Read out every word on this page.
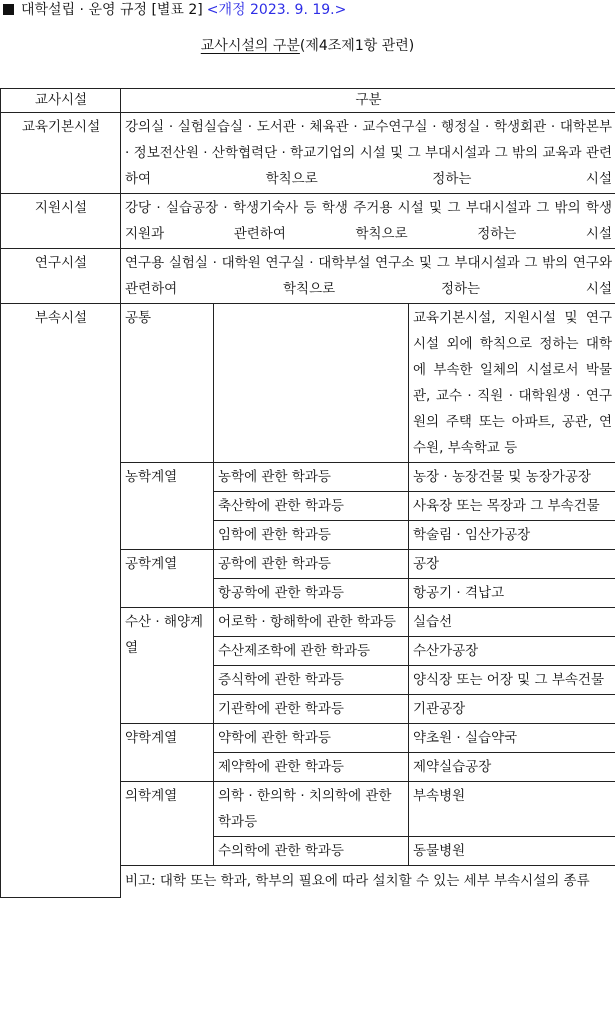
대학설립 · 운영 규정 [별표 2] <개정 2023. 9. 19.>
교사시설의 구분(제4조제1항 관련)
교사시설	구분		
교육기본시설	강의실 · 실험실습실 · 도서관 · 체육관 · 교수연구실 · 행정실 · 학생회관 · 대학본부 · 정보전산원 · 산학협력단 · 학교기업의 시설 및 그 부대시설과 그 밖의 교육과 관련하여 학칙으로 정하는 시설		
지원시설	강당 · 실습공장 · 학생기숙사 등 학생 주거용 시설 및 그 부대시설과 그 밖의 학생 지원과 관련하여 학칙으로 정하는 시설		
연구시설	연구용 실험실 · 대학원 연구실 · 대학부설 연구소 및 그 부대시설과 그 밖의 연구와 관련하여 학칙으로 정하는 시설		
부속시설	공통		교육기본시설, 지원시설 및 연구시설 외에 학칙으로 정하는 대학에 부속한 일체의 시설로서 박물관, 교수 · 직원 · 대학원생 · 연구원의 주택 또는 아파트, 공관, 연수원, 부속학교 등
	농학계열	농학에 관한 학과등	농장 · 농장건물 및 농장가공장
		축산학에 관한 학과등	사육장 또는 목장과 그 부속건물
		임학에 관한 학과등	학술림 · 임산가공장
	공학계열	공학에 관한 학과등	공장
		항공학에 관한 학과등	항공기 · 격납고
	수산 · 해양계열	어로학 · 항해학에 관한 학과등	실습선
		수산제조학에 관한 학과등	수산가공장
		증식학에 관한 학과등	양식장 또는 어장 및 그 부속건물
		기관학에 관한 학과등	기관공장
	약학계열	약학에 관한 학과등	약초원 · 실습약국
		제약학에 관한 학과등	제약실습공장
	의학계열	의학 · 한의학 · 치의학에 관한 학과등	부속병원
		수의학에 관한 학과등	동물병원
	비고: 대학 또는 학과, 학부의 필요에 따라 설치할 수 있는 세부 부속시설의 종류		
